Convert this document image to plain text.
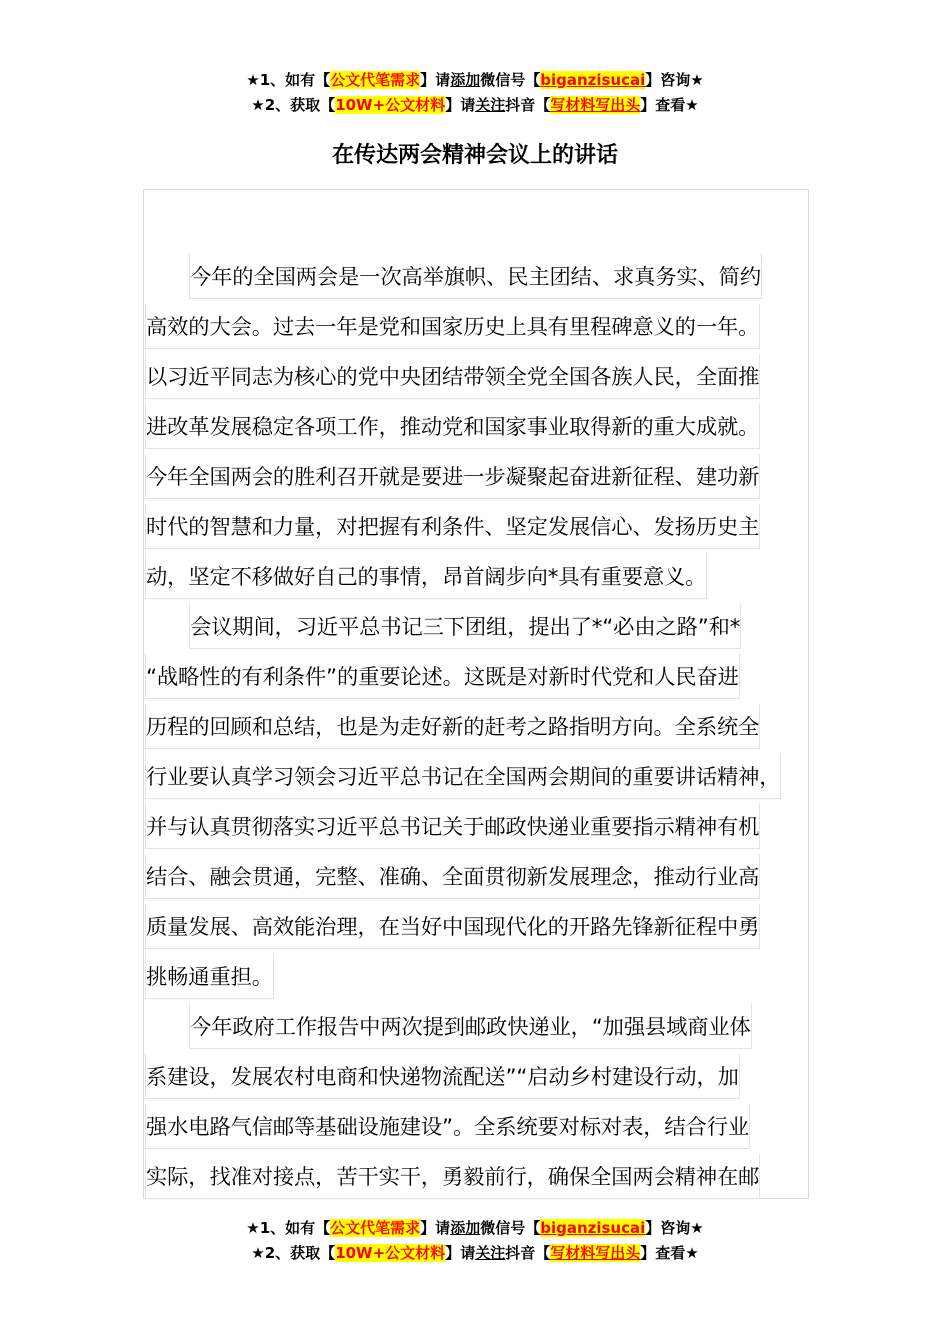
★1、如有【公文代笔需求】请添加微信号【biganzisucai】咨询★
★2、获取【10W+公文材料】请关注抖音【写材料写出头】查看★
在传达两会精神会议上的讲话
今年的全国两会是一次高举旗帜、民主团结、求真务实、简约
高效的大会。过去一年是党和国家历史上具有里程碑意义的一年。
以习近平同志为核心的党中央团结带领全党全国各族人民，全面推
进改革发展稳定各项工作，推动党和国家事业取得新的重大成就。
今年全国两会的胜利召开就是要进一步凝聚起奋进新征程、建功新
时代的智慧和力量，对把握有利条件、坚定发展信心、发扬历史主
动，坚定不移做好自己的事情，昂首阔步向*具有重要意义。
会议期间，习近平总书记三下团组，提出了*“必由之路”和*
“战略性的有利条件”的重要论述。这既是对新时代党和人民奋进
历程的回顾和总结，也是为走好新的赶考之路指明方向。全系统全
行业要认真学习领会习近平总书记在全国两会期间的重要讲话精神，
并与认真贯彻落实习近平总书记关于邮政快递业重要指示精神有机
结合、融会贯通，完整、准确、全面贯彻新发展理念，推动行业高
质量发展、高效能治理，在当好中国现代化的开路先锋新征程中勇
挑畅通重担。
今年政府工作报告中两次提到邮政快递业，“加强县域商业体
系建设，发展农村电商和快递物流配送”“启动乡村建设行动，加
强水电路气信邮等基础设施建设”。全系统要对标对表，结合行业
实际，找准对接点，苦干实干，勇毅前行，确保全国两会精神在邮
★1、如有【公文代笔需求】请添加微信号【biganzisucai】咨询★
★2、获取【10W+公文材料】请关注抖音【写材料写出头】查看★
